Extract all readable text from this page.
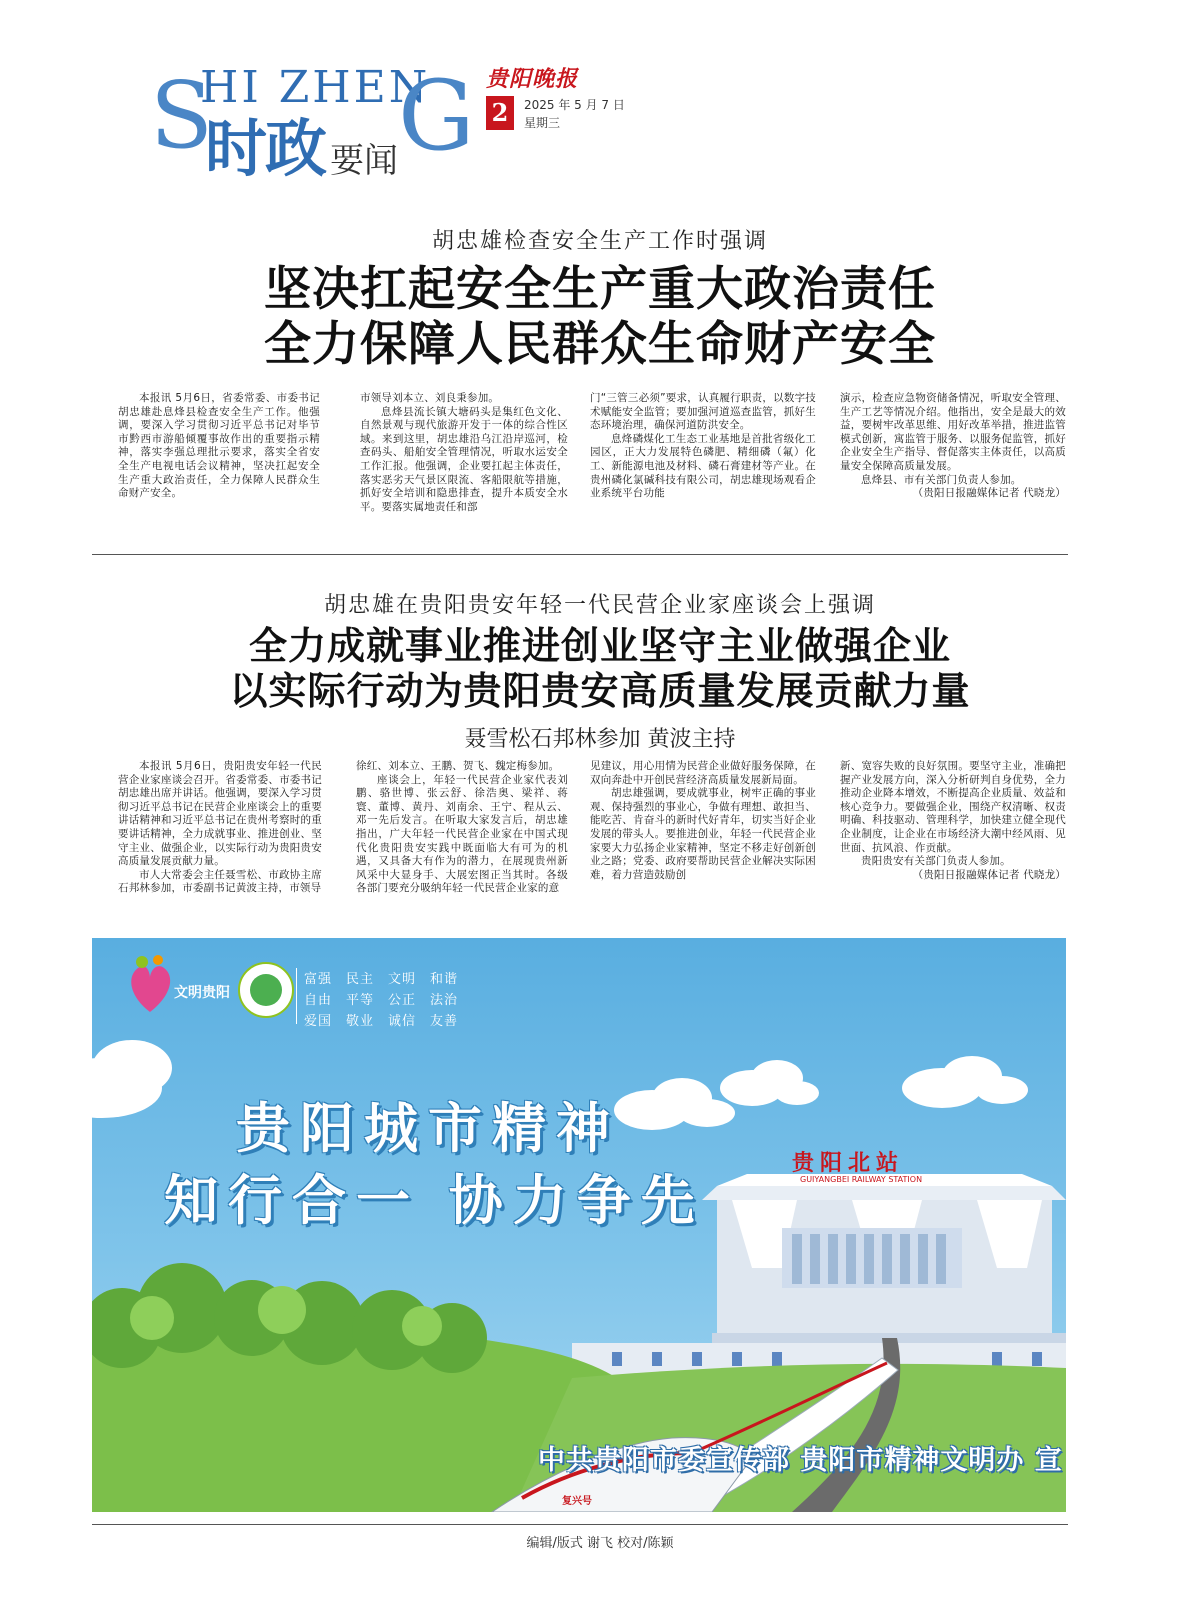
S
HI ZHEN
G
时政 要闻
贵阳晚报
2	2025 年 5 月 7 日
星期三
胡忠雄检查安全生产工作时强调
坚决扛起安全生产重大政治责任
全力保障人民群众生命财产安全

本报讯 5月6日，省委常委、市委书记胡忠雄赴息烽县检查安全生产工作。他强调，要深入学习贯彻习近平总书记对毕节市黔西市游船倾覆事故作出的重要指示精神，落实李强总理批示要求，落实全省安全生产电视电话会议精神，坚决扛起安全生产重大政治责任，全力保障人民群众生命财产安全。

市领导刘本立、刘良秉参加。

息烽县流长镇大塘码头是集红色文化、自然景观与现代旅游开发于一体的综合性区域。来到这里，胡忠雄沿乌江沿岸巡河，检查码头、船舶安全管理情况，听取水运安全工作汇报。他强调，企业要扛起主体责任，落实恶劣天气景区限流、客船限航等措施，抓好安全培训和隐患排查，提升本质安全水平。要落实属地责任和部

门“三管三必须”要求，认真履行职责，以数字技术赋能安全监管；要加强河道巡查监管，抓好生态环境治理，确保河道防洪安全。

息烽磷煤化工生态工业基地是首批省级化工园区，正大力发展特色磷肥、精细磷（氟）化工、新能源电池及材料、磷石膏建材等产业。在贵州磷化氯碱科技有限公司，胡忠雄现场观看企业系统平台功能

演示，检查应急物资储备情况，听取安全管理、生产工艺等情况介绍。他指出，安全是最大的效益，要树牢改革思维、用好改革举措，推进监管模式创新，寓监管于服务、以服务促监管，抓好企业安全生产指导、督促落实主体责任，以高质量安全保障高质量发展。

息烽县、市有关部门负责人参加。

（贵阳日报融媒体记者 代晓龙）

胡忠雄在贵阳贵安年轻一代民营企业家座谈会上强调
全力成就事业推进创业坚守主业做强企业
以实际行动为贵阳贵安高质量发展贡献力量
聂雪松石邦林参加 黄波主持

本报讯 5月6日，贵阳贵安年轻一代民营企业家座谈会召开。省委常委、市委书记胡忠雄出席并讲话。他强调，要深入学习贯彻习近平总书记在民营企业座谈会上的重要讲话精神和习近平总书记在贵州考察时的重要讲话精神，全力成就事业、推进创业、坚守主业、做强企业，以实际行动为贵阳贵安高质量发展贡献力量。

市人大常委会主任聂雪松、市政协主席石邦林参加，市委副书记黄波主持，市领导

徐红、刘本立、王鹏、贺飞、魏定梅参加。

座谈会上，年轻一代民营企业家代表刘鹏、骆世博、张云舒、徐浩奥、梁祥、蒋寰、董博、黄丹、刘南余、王宁、程从云、邓一先后发言。在听取大家发言后，胡忠雄指出，广大年轻一代民营企业家在中国式现代化贵阳贵安实践中既面临大有可为的机遇，又具备大有作为的潜力，在展现贵州新风采中大显身手、大展宏图正当其时。各级各部门要充分吸纳年轻一代民营企业家的意

见建议，用心用情为民营企业做好服务保障，在双向奔赴中开创民营经济高质量发展新局面。

胡忠雄强调，要成就事业，树牢正确的事业观、保持强烈的事业心，争做有理想、敢担当、能吃苦、肯奋斗的新时代好青年，切实当好企业发展的带头人。要推进创业，年轻一代民营企业家要大力弘扬企业家精神，坚定不移走好创新创业之路；党委、政府要帮助民营企业解决实际困难，着力营造鼓励创

新、宽容失败的良好氛围。要坚守主业，准确把握产业发展方向，深入分析研判自身优势，全力推动企业降本增效，不断提高企业质量、效益和核心竞争力。要做强企业，围绕产权清晰、权责明确、科技驱动、管理科学，加快建立健全现代企业制度，让企业在市场经济大潮中经风雨、见世面、抗风浪、作贡献。

贵阳贵安有关部门负责人参加。

（贵阳日报融媒体记者 代晓龙）

贵阳北站
GUIYANGBEI RAILWAY STATION
复兴号
文明贵阳
富强	民主	文明	和谐
自由	平等	公正	法治
爱国	敬业	诚信	友善
贵阳城市精神
知行合一 协力争先
中共贵阳市委宣传部 贵阳市精神文明办 宣
编辑/版式 谢飞 校对/陈颖
